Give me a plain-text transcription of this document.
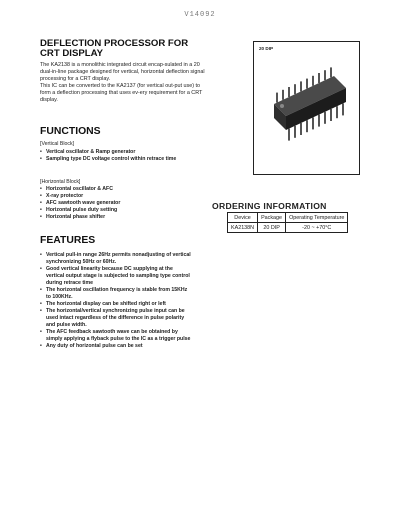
V14092
DEFLECTION PROCESSOR FOR CRT DISPLAY

The KA2138 is a monolithic integrated circuit encap-sulated in a 20 dual-in-line package designed for vertical, horizontal deflection signal processing for a CRT display.

This IC can be converted to the KA2137 (for vertical out-put use) to form a deflection processing that uses ev-ery requirement for a CRT display.

FUNCTIONS
[Vertical Block]
• Vertical oscillator & Ramp generator
• Sampling type DC voltage control within retrace time
[Horizontal Block]
• Horizontal oscillator & AFC
• X-ray protector
• AFC sawtooth wave generator
• Horizontal pulse duty setting
• Horizontal phase shifter
FEATURES
• Vertical pull-in range 26Hz permits nonadjusting of vertical synchronizing 50Hz or 60Hz.
• Good vertical linearity because DC supplying at the vertical output stage is subjected to sampling type control during retrace time
• The horizontal oscillation frequency is stable from 15KHz to 100KHz.
• The horizontal display can be shifted right or left
• The horizontal/vertical synchronizing pulse input can be used intact regardless of the difference in pulse polarity and pulse width.
• The AFC feedback sawtooth wave can be obtained by simply applying a flyback pulse to the IC as a trigger pulse
• Any duty of horizontal pulse can be set
20 DIP
ORDERING INFORMATION
Device	Package	Operating Temperature
KA2138N	20 DIP	-20 ~ +70°C
